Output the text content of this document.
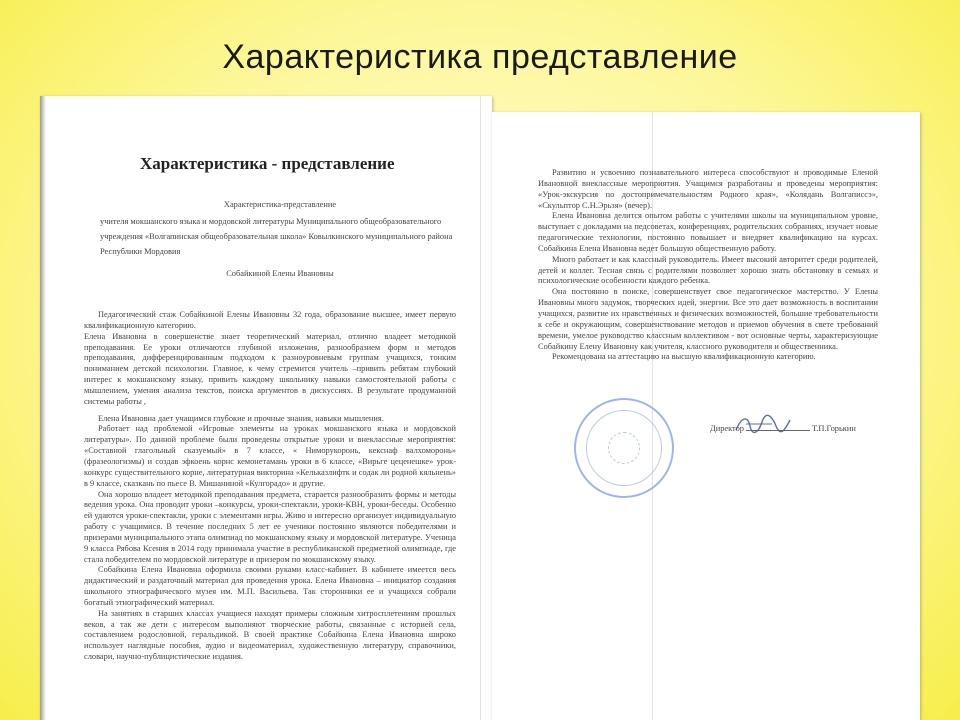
Характеристика представление
Характеристика - представление

Характеристика-представление

учителя мокшанского языка и мордовской литературы Муниципального общеобразовательного

учреждения «Волгапинская общеобразовательная школа» Ковылкинского муниципального района

Республики Мордовия

Собайкиной Елены Ивановны

Педагогический стаж Собайкиной Елены Ивановны 32 года, образование высшее, имеет первую квалификационную категорию.

Елена Ивановна в совершенстве знает теоретический материал, отлично владеет методикой преподавания. Ее уроки отличаются глубиной изложения, разнообразием форм и методов преподавания, дифференцированным подходом к разноуровневым группам учащихся, тонким пониманием детской психологии. Главное, к чему стремится учитель –привить ребятам глубокий интерес к мокшанскому языку, привить каждому школьнику навыки самостоятельной работы с мышлением, умения анализа текстов, поиска аргументов в дискуссиях. В результате продуманной системы работы ,

Елена Ивановна дает учащимся глубокие и прочные знания, навыки мышления.

Работает над проблемой «Игровые элементы на уроках мокшанского языка и мордовской литературы». По данной проблеме были проведены открытые уроки и внеклассные мероприятия: «Составной глагольный сказуемый» в 7 классе, « Ниморукоронь, кекснаф валхоморонь» (фразеологизмы) и создав эфкоень корнс кемонетамань уроки в 6 классе, «Вирьге цеценешке» урок-конкурс существительного корне, литературная викторина «Кельказлифтк и содак ли родной кяльнень» в 9 классе, сказкань по пьесе В. Мишаниной «Кулгорадо» и другие.

Она хорошо владеет методикой преподавания предмета, старается разнообразить формы и методы ведения урока. Она проводит уроки –конкурсы, уроки-спектакли, уроки-КВН, уроки-беседы. Особенно ей удаются уроки-спектакли, уроки с элементами игры. Живо и интересно организует индивидуальную работу с учащимися. В течение последних 5 лет ее ученики постоянно являются победителями и призерами муниципального этапа олимпиад по мокшанскому языку и мордовской литературе. Ученица 9 класса Рябова Ксения в 2014 году принимала участие в республиканской предметной олимпиаде, где стала победителем по мордовской литературе и призером по мокшанскому языку.

Собайкина Елена Ивановна оформила своими руками класс-кабинет. В кабинете имеется весь дидактический и раздаточный материал для проведения урока. Елена Ивановна – инициатор создания школьного этнографического музея им. М.П. Васильева. Так сторонники ее и учащихся собрали богатый этнографический материал.

На занятиях в старших классах учащиеся находят примеры сложным хитросплетениям прошлых веков, а так же дети с интересом выполняют творческие работы, связанные с историей села, составлением родословной, геральдикой. В своей практике Собайкина Елена Ивановна широко использует наглядные пособия, аудио и видеоматериал, художественную литературу, справочники, словари, научно-публицистические издания.

Развитию и усвоению познавательного интереса способствуют и проводимые Еленой Ивановной внеклассные мероприятия. Учащимся разработаны и проведены мероприятия: «Урок-экскурсия по достопримечательностям Родного края», «Колядань Волгаписсэ», «Скульптор С.Н.Эрьзя» (вечер).

Елена Ивановна делится опытом работы с учителями школы на муниципальном уровне, выступает с докладами на педсоветах, конференциях, родительских собраниях, изучает новые педагогические технологии, постоянно повышает и внедряет квалификацию на курсах. Собайкина Елена Ивановна ведет большую общественную работу.

Много работает и как классный руководитель. Имеет высокий авторитет среди родителей, детей и коллег. Тесная связь с родителями позволяет хорошо знать обстановку в семьях и психологические особенности каждого ребенка.

Она постоянно в поиске, совершенствует свое педагогическое мастерство. У Елены Ивановны много задумок, творческих идей, энергии. Все это дает возможность в воспитании учащихся, развитие их нравственных и физических возможностей, большие требовательности к себе и окружающим, совершенствование методов и приемов обучения в свете требований времени, умелое руководство классным коллективом - вот основные черты, характеризующие Собайкину Елену Ивановну как учителя, классного руководителя и общественника.

Рекомендована на аттестацию на высшую квалификационную категорию.

Директор	Т.П.Горькин
